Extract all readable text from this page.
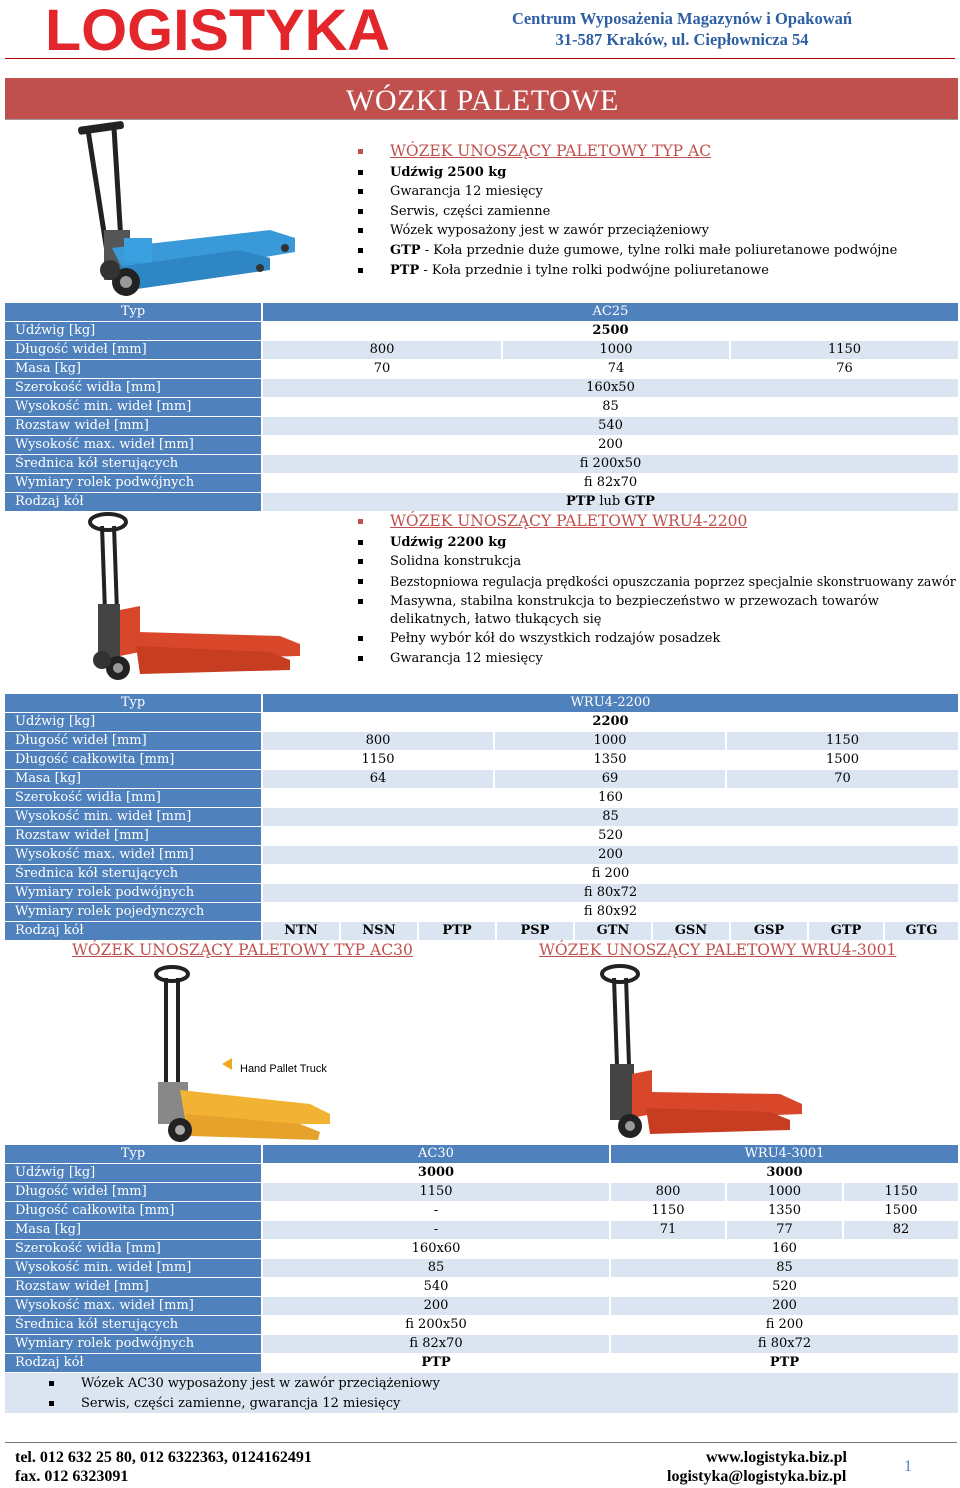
LOGISTYKA	Centrum Wyposażenia Magazynów i Opakowań
31-587 Kraków, ul. Ciepłownicza 54
WÓZKI PALETOWE
WÓZEK UNOSZĄCY PALETOWY TYP AC
Udźwig 2500 kg
Gwarancja 12 miesięcy
Serwis, części zamienne
Wózek wyposażony jest w zawór przeciążeniowy
GTP - Koła przednie duże gumowe, tylne rolki małe poliuretanowe podwójne
PTP - Koła przednie i tylne rolki podwójne poliuretanowe
Typ	AC25
Udźwig [kg]	2500
Długość wideł [mm]	800	1000	1150
Masa [kg]	70	74	76
Szerokość widła [mm]	160x50
Wysokość min. wideł [mm]	85
Rozstaw wideł [mm]	540
Wysokość max. wideł [mm]	200
Średnica kół sterujących	fi 200x50
Wymiary rolek podwójnych	fi 82x70
Rodzaj kół	PTP lub GTP
WÓZEK UNOSZĄCY PALETOWY WRU4-2200
Udźwig 2200 kg
Solidna konstrukcja
Bezstopniowa regulacja prędkości opuszczania poprzez specjalnie skonstruowany zawór
Masywna, stabilna konstrukcja to bezpieczeństwo w przewozach towarów delikatnych, łatwo tłukących się
Pełny wybór kół do wszystkich rodzajów posadzek
Gwarancja 12 miesięcy
Typ	WRU4-2200
Udźwig [kg]	2200
Długość wideł [mm]	800	1000	1150
Długość całkowita [mm]	1150	1350	1500
Masa [kg]	64	69	70
Szerokość widła [mm]	160
Wysokość min. wideł [mm]	85
Rozstaw wideł [mm]	520
Wysokość max. wideł [mm]	200
Średnica kół sterujących	fi 200
Wymiary rolek podwójnych	fi 80x72
Wymiary rolek pojedynczych	fi 80x92
Rodzaj kół	NTN	NSN	PTP	PSP	GTN	GSN	GSP	GTP	GTG
WÓZEK UNOSZĄCY PALETOWY TYP AC30	WÓZEK UNOSZĄCY PALETOWY WRU4-3001
Hand Pallet Truck
Typ	AC30	WRU4-3001
Udźwig [kg]	3000	3000
Długość wideł [mm]	1150	800	1000	1150
Długość całkowita [mm]	-	1150	1350	1500
Masa [kg]	-	71	77	82
Szerokość widła [mm]	160x60	160
Wysokość min. wideł [mm]	85	85
Rozstaw wideł [mm]	540	520
Wysokość max. wideł [mm]	200	200
Średnica kół sterujących	fi 200x50	fi 200
Wymiary rolek podwójnych	fi 82x70	fi 80x72
Rodzaj kół	PTP	PTP
Wózek AC30 wyposażony jest w zawór przeciążeniowy
Serwis, części zamienne, gwarancja 12 miesięcy
tel. 012 632 25 80, 012 6322363, 0124162491
fax. 012 6323091
www.logistyka.biz.pl
logistyka@logistyka.biz.pl
1
